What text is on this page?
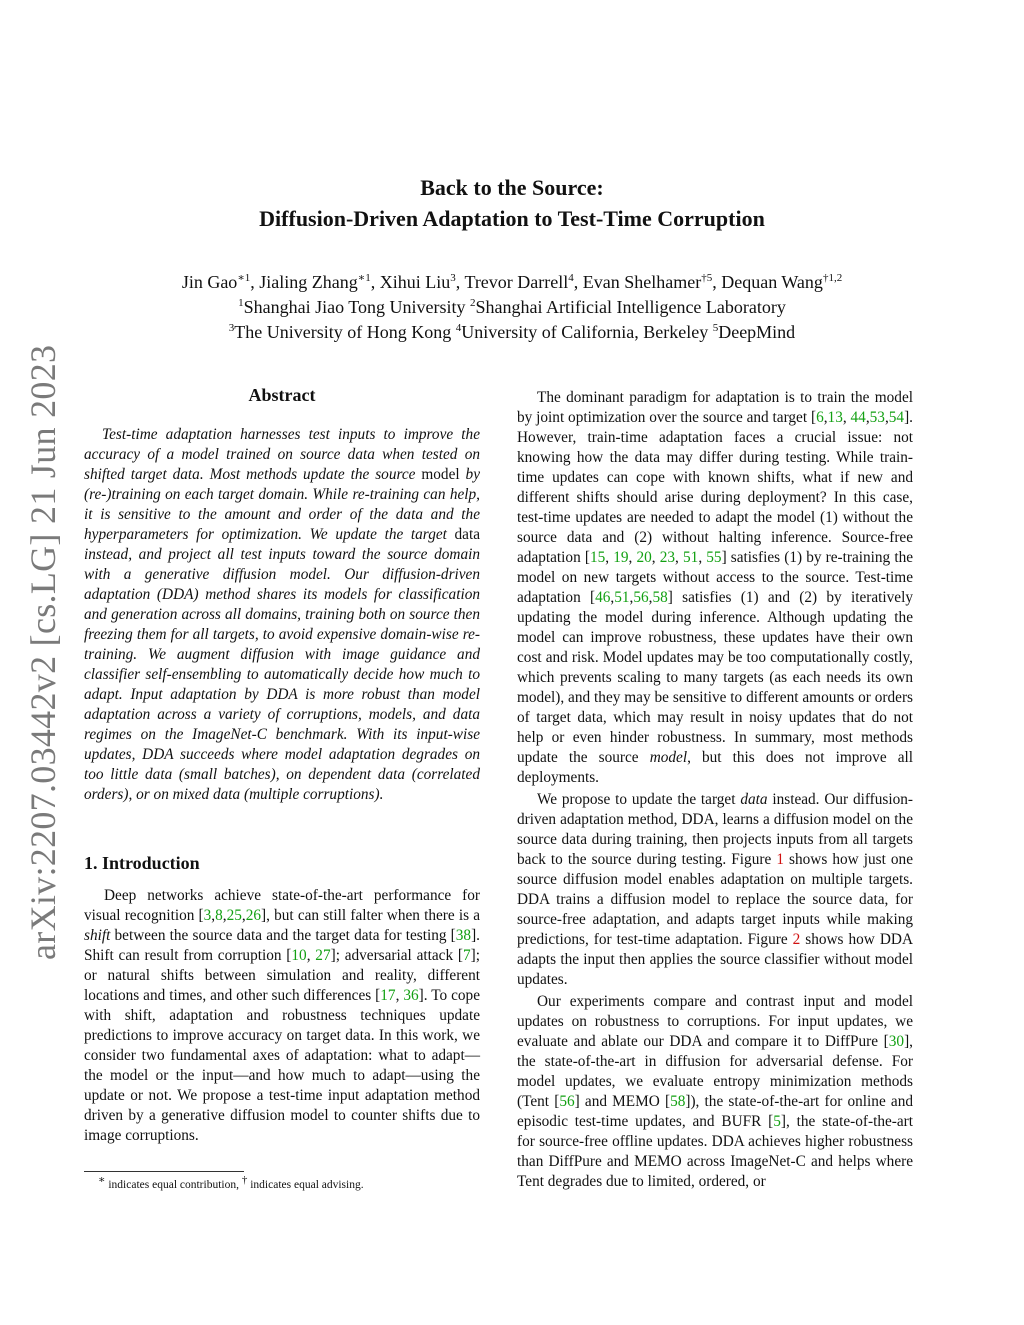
arXiv:2207.03442v2 [cs.LG] 21 Jun 2023
Back to the Source:
Diffusion-Driven Adaptation to Test-Time Corruption
Jin Gao$^{∗1}$, Jialing Zhang$^{∗1}$, Xihui Liu$^3$, Trevor Darrell$^4$, Evan Shelhamer$^{\dagger 5}$, Dequan Wang$^{\dagger 1,2}$
$^1$Shanghai Jiao Tong University $^2$Shanghai Artificial Intelligence Laboratory
$^3$The University of Hong Kong $^4$University of California, Berkeley $^5$DeepMind
Abstract

Test-time adaptation harnesses test inputs to improve the accuracy of a model trained on source data when tested on shifted target data. Most methods update the source model by (re-)training on each target domain. While re-training can help, it is sensitive to the amount and order of the data and the hyperparameters for optimization. We update the target data instead, and project all test inputs toward the source domain with a generative diffusion model. Our diffusion-driven adaptation (DDA) method shares its models for classification and generation across all domains, training both on source then freezing them for all targets, to avoid expensive domain-wise re-training. We augment diffusion with image guidance and classifier self-ensembling to automatically decide how much to adapt. Input adaptation by DDA is more robust than model adaptation across a variety of corruptions, models, and data regimes on the ImageNet-C benchmark. With its input-wise updates, DDA succeeds where model adaptation degrades on too little data (small batches), on dependent data (correlated orders), or on mixed data (multiple corruptions).

1. Introduction

Deep networks achieve state-of-the-art performance for visual recognition [3,8,25,26], but can still falter when there is a shift between the source data and the target data for testing [38]. Shift can result from corruption [10, 27]; adversarial attack [7]; or natural shifts between simulation and reality, different locations and times, and other such differences [17, 36]. To cope with shift, adaptation and robustness techniques update predictions to improve accuracy on target data. In this work, we consider two fundamental axes of adaptation: what to adapt—the model or the input—and how much to adapt—using the update or not. We propose a test-time input adaptation method driven by a generative diffusion model to counter shifts due to image corruptions.

The dominant paradigm for adaptation is to train the model by joint optimization over the source and target [6,13, 44,53,54]. However, train-time adaptation faces a crucial issue: not knowing how the data may differ during testing. While train-time updates can cope with known shifts, what if new and different shifts should arise during deployment? In this case, test-time updates are needed to adapt the model (1) without the source data and (2) without halting inference. Source-free adaptation [15, 19, 20, 23, 51, 55] satisfies (1) by re-training the model on new targets without access to the source. Test-time adaptation [46,51,56,58] satisfies (1) and (2) by iteratively updating the model during inference. Although updating the model can improve robustness, these updates have their own cost and risk. Model updates may be too computationally costly, which prevents scaling to many targets (as each needs its own model), and they may be sensitive to different amounts or orders of target data, which may result in noisy updates that do not help or even hinder robustness. In summary, most methods update the source model, but this does not improve all deployments.

We propose to update the target data instead. Our diffusion-driven adaptation method, DDA, learns a diffusion model on the source data during training, then projects inputs from all targets back to the source during testing. Figure 1 shows how just one source diffusion model enables adaptation on multiple targets. DDA trains a diffusion model to replace the source data, for source-free adaptation, and adapts target inputs while making predictions, for test-time adaptation. Figure 2 shows how DDA adapts the input then applies the source classifier without model updates.

Our experiments compare and contrast input and model updates on robustness to corruptions. For input updates, we evaluate and ablate our DDA and compare it to DiffPure [30], the state-of-the-art in diffusion for adversarial defense. For model updates, we evaluate entropy minimization methods (Tent [56] and MEMO [58]), the state-of-the-art for online and episodic test-time updates, and BUFR [5], the state-of-the-art for source-free offline updates. DDA achieves higher robustness than DiffPure and MEMO across ImageNet-C and helps where Tent degrades due to limited, ordered, or

∗ indicates equal contribution, † indicates equal advising.
